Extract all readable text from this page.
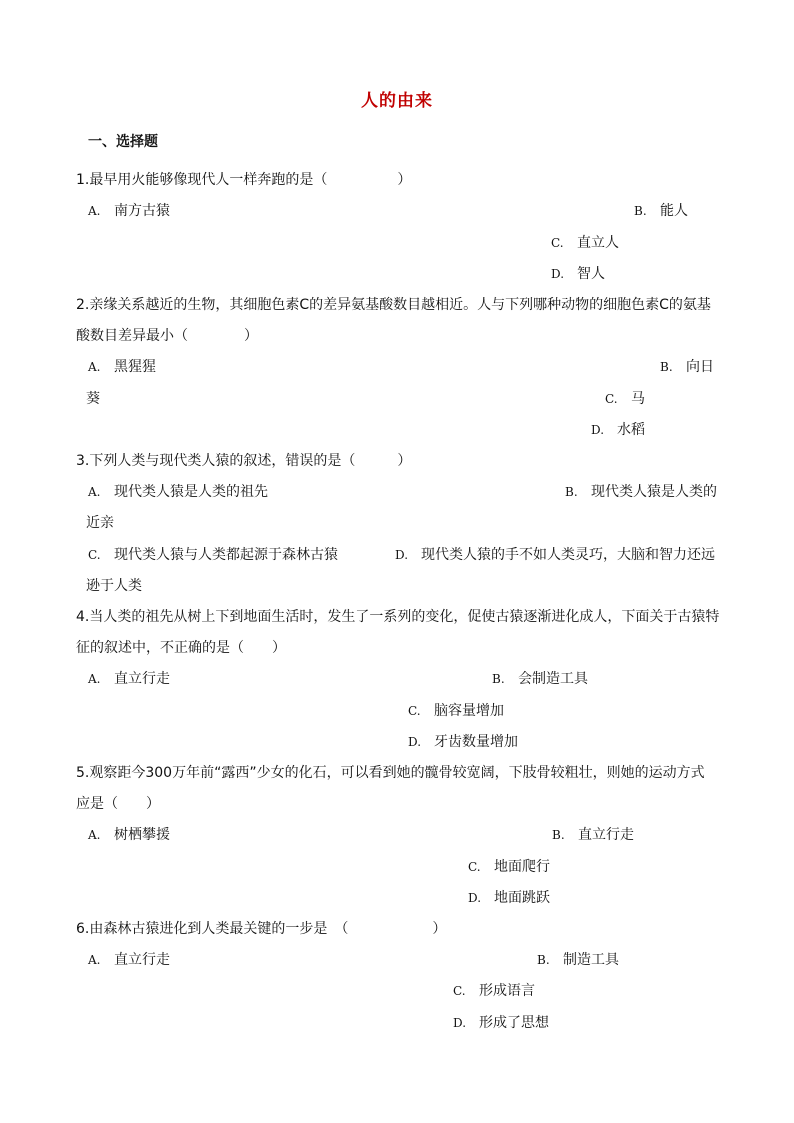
人的由来
一、选择题
1.最早用火能够像现代人一样奔跑的是（　　　　　）
A. 南方古猿	B. 能人
C. 直立人
D. 智人
2.亲缘关系越近的生物，其细胞色素C的差异氨基酸数目越相近。人与下列哪种动物的细胞色素C的氨基
酸数目差异最小（　　　　）
A. 黑猩猩	B. 向日
葵	C. 马
D. 水稻
3.下列人类与现代类人猿的叙述，错误的是（　　　）
A. 现代类人猿是人类的祖先	B. 现代类人猿是人类的
近亲
C. 现代类人猿与人类都起源于森林古猿	D. 现代类人猿的手不如人类灵巧，大脑和智力还远
逊于人类
4.当人类的祖先从树上下到地面生活时，发生了一系列的变化，促使古猿逐渐进化成人，下面关于古猿特
征的叙述中，不正确的是（　　）
A. 直立行走	B. 会制造工具
C. 脑容量增加
D. 牙齿数量增加
5.观察距今300万年前“露西”少女的化石，可以看到她的髋骨较宽阔，下肢骨较粗壮，则她的运动方式
应是（　　）
A. 树栖攀援	B. 直立行走
C. 地面爬行
D. 地面跳跃
6.由森林古猿进化到人类最关键的一步是　（　　　　　　）
A. 直立行走	B. 制造工具
C. 形成语言
D. 形成了思想
